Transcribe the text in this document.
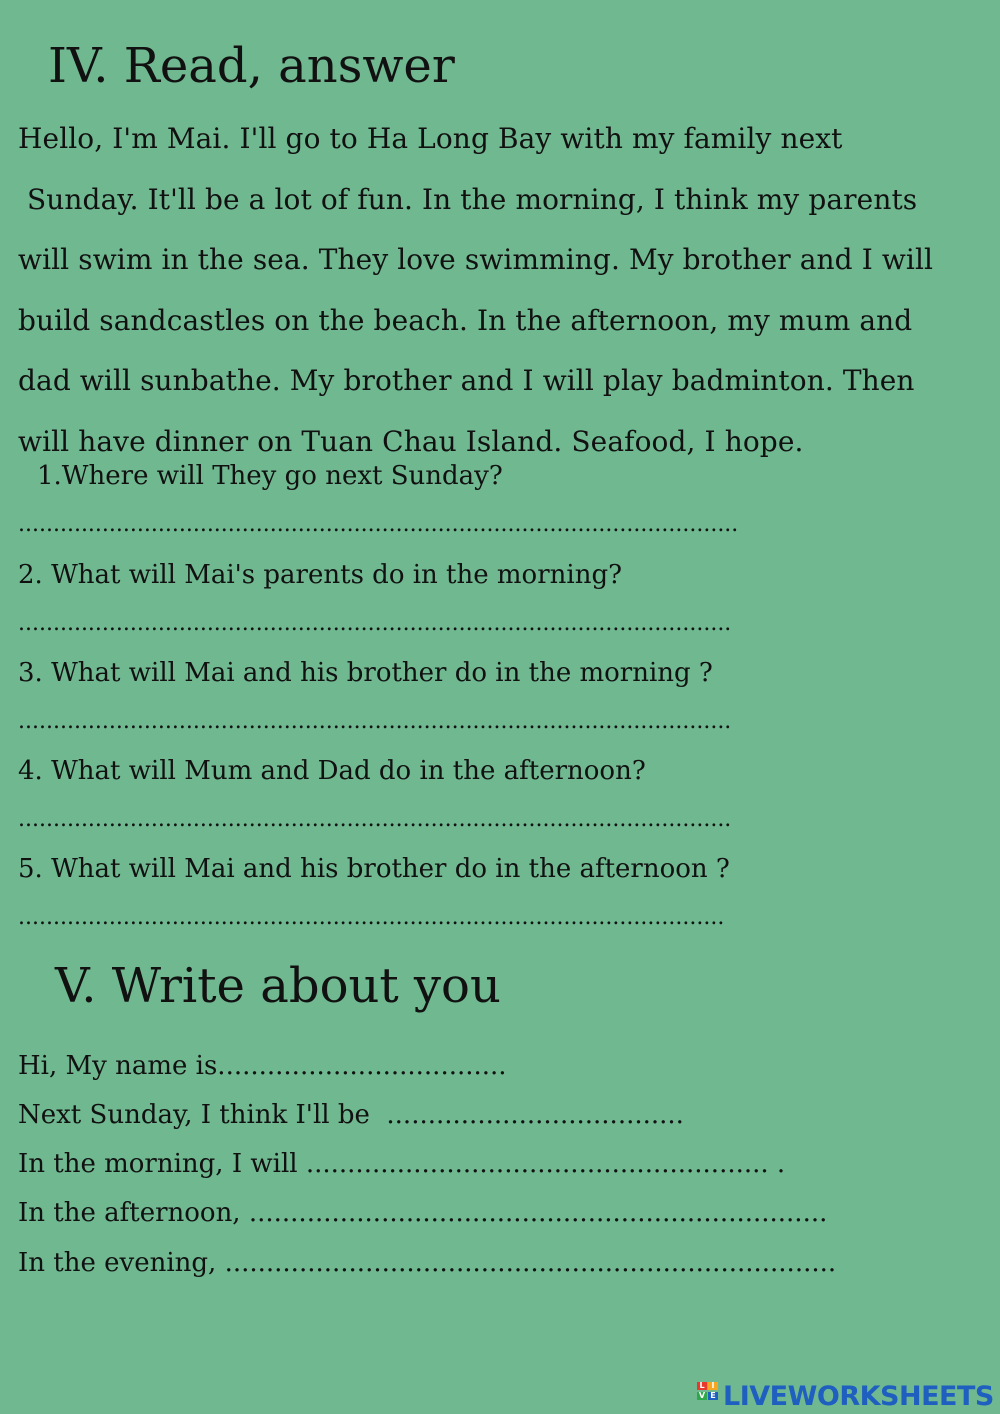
IV. Read, answer
Hello, I'm Mai. I'll go to Ha Long Bay with my family next
Sunday. It'll be a lot of fun. In the morning, I think my parents
will swim in the sea. They love swimming. My brother and I will
build sandcastles on the beach. In the afternoon, my mum and
dad will sunbathe. My brother and I will play badminton. Then
will have dinner on Tuan Chau Island. Seafood, I hope.
1.Where will They go next Sunday?
.......................................................................................................
2. What will Mai's parents do in the morning?
......................................................................................................
3. What will Mai and his brother do in the morning ?
......................................................................................................
4. What will Mum and Dad do in the afternoon?
......................................................................................................
5. What will Mai and his brother do in the afternoon ?
.....................................................................................................
V. Write about you
Hi, My name is...................................
Next Sunday, I think I'll be  ....................................
In the morning, I will ........................................................ .
In the afternoon, ......................................................................
In the evening, ..........................................................................
L I
V E LIVEWORKSHEETS
